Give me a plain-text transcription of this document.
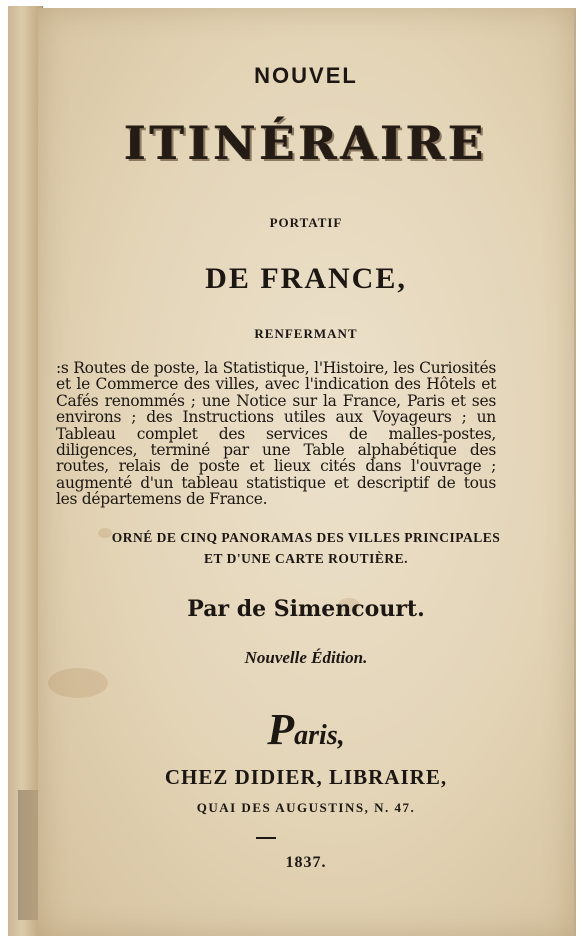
NOUVEL
ITINÉRAIRE
PORTATIF
DE FRANCE,
RENFERMANT
:s Routes de poste, la Statistique, l'Histoire, les Curiosités et le Commerce des villes, avec l'indication des Hôtels et Cafés renommés ; une Notice sur la France, Paris et ses environs ; des Instructions utiles aux Voyageurs ; un Tableau complet des services de malles-postes, diligences, terminé par une Table alphabétique des routes, relais de poste et lieux cités dans l'ouvrage ; augmenté d'un tableau statistique et descriptif de tous les départemens de France.
ORNÉ DE CINQ PANORAMAS DES VILLES PRINCIPALES
ET D'UNE CARTE ROUTIÈRE.
Par de Simencourt.
Nouvelle Édition.
Paris,
CHEZ DIDIER, LIBRAIRE,
QUAI DES AUGUSTINS, N. 47.
1837.
